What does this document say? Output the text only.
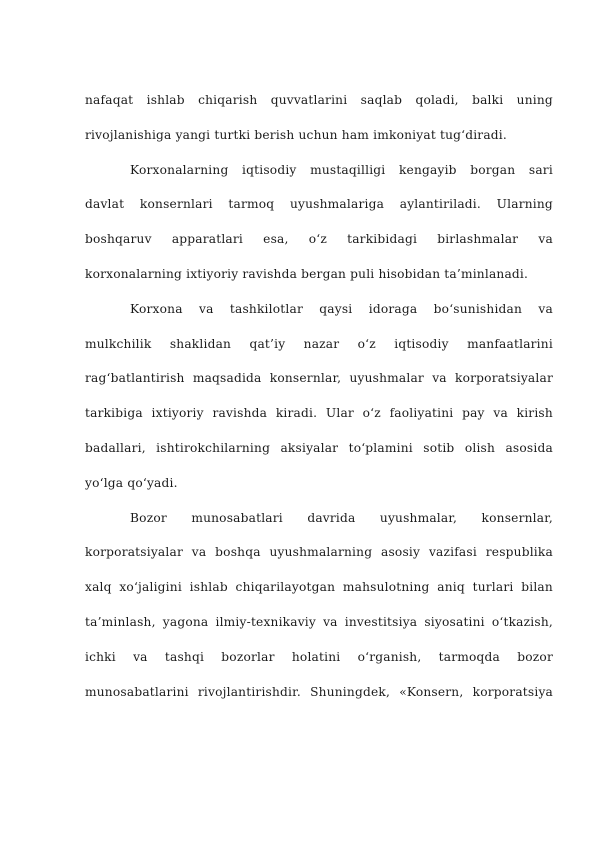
nafaqat ishlab chiqarish quvvatlarini saqlab qoladi, balki uning
rivojlanishiga yangi turtki berish uchun ham imkoniyat tug‘diradi.
Korxonalarning iqtisodiy mustaqilligi kengayib borgan sari
davlat konsernlari tarmoq uyushmalariga aylantiriladi. Ularning
boshqaruv apparatlari esa, o‘z tarkibidagi birlashmalar va
korxonalarning ixtiyoriy ravishda bergan puli hisobidan ta’minlanadi.
Korxona va tashkilotlar qaysi idoraga bo‘sunishidan va
mulkchilik shaklidan qat’iy nazar o‘z iqtisodiy manfaatlarini
rag‘batlantirish maqsadida konsernlar, uyushmalar va korporatsiyalar
tarkibiga ixtiyoriy ravishda kiradi. Ular o‘z faoliyatini pay va kirish
badallari, ishtirokchilarning aksiyalar to‘plamini sotib olish asosida
yo‘lga qo‘yadi.
Bozor munosabatlari davrida uyushmalar, konsernlar,
korporatsiyalar va boshqa uyushmalarning asosiy vazifasi respublika
xalq xo‘jaligini ishlab chiqarilayotgan mahsulotning aniq turlari bilan
ta’minlash, yagona ilmiy-texnikaviy va investitsiya siyosatini o‘tkazish,
ichki va tashqi bozorlar holatini o‘rganish, tarmoqda bozor
munosabatlarini rivojlantirishdir. Shuningdek, «Konsern, korporatsiya
